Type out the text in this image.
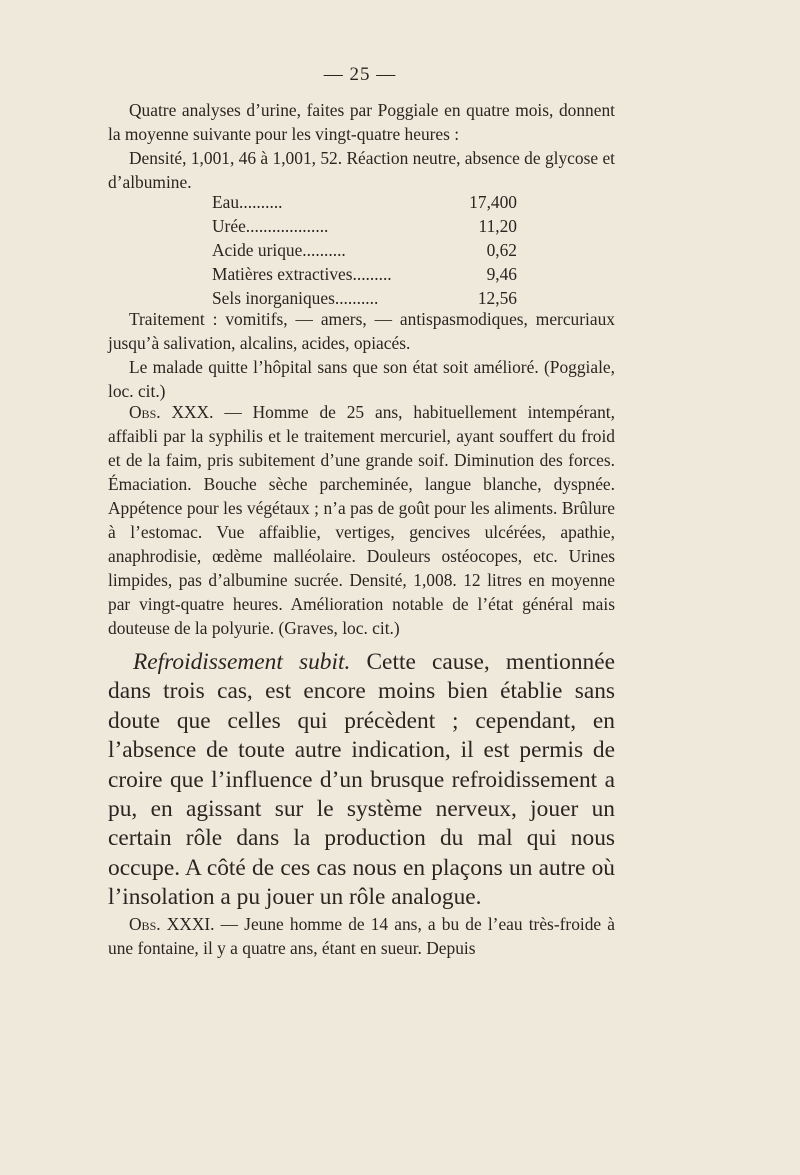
— 25 —

Quatre analyses d’urine, faites par Poggiale en quatre mois, donnent la moyenne suivante pour les vingt-quatre heures :

Densité, 1,001, 46 à 1,001, 52. Réaction neutre, absence de glycose et d’albumine.

Eau..........	17,400
Urée...................	11,20
Acide urique..........	0,62
Matières extractives.........	9,46
Sels inorganiques..........	12,56

Traitement : vomitifs, — amers, — antispasmodiques, mercuriaux jusqu’à salivation, alcalins, acides, opiacés.

Le malade quitte l’hôpital sans que son état soit amélioré. (Poggiale, loc. cit.)

Obs. XXX. — Homme de 25 ans, habituellement intempérant, affaibli par la syphilis et le traitement mercuriel, ayant souffert du froid et de la faim, pris subitement d’une grande soif. Diminution des forces. Émaciation. Bouche sèche parcheminée, langue blanche, dyspnée. Appétence pour les végétaux ; n’a pas de goût pour les aliments. Brûlure à l’estomac. Vue affaiblie, vertiges, gencives ulcérées, apathie, anaphrodisie, œdème malléolaire. Douleurs ostéocopes, etc. Urines limpides, pas d’albumine sucrée. Densité, 1,008. 12 litres en moyenne par vingt-quatre heures. Amélioration notable de l’état général mais douteuse de la polyurie. (Graves, loc. cit.)

Refroidissement subit. Cette cause, mentionnée dans trois cas, est encore moins bien établie sans doute que celles qui précèdent ; cependant, en l’absence de toute autre indication, il est permis de croire que l’influence d’un brusque refroidissement a pu, en agissant sur le système nerveux, jouer un certain rôle dans la production du mal qui nous occupe. A côté de ces cas nous en plaçons un autre où l’insolation a pu jouer un rôle analogue.

Obs. XXXI. — Jeune homme de 14 ans, a bu de l’eau très-froide à une fontaine, il y a quatre ans, étant en sueur. Depuis
